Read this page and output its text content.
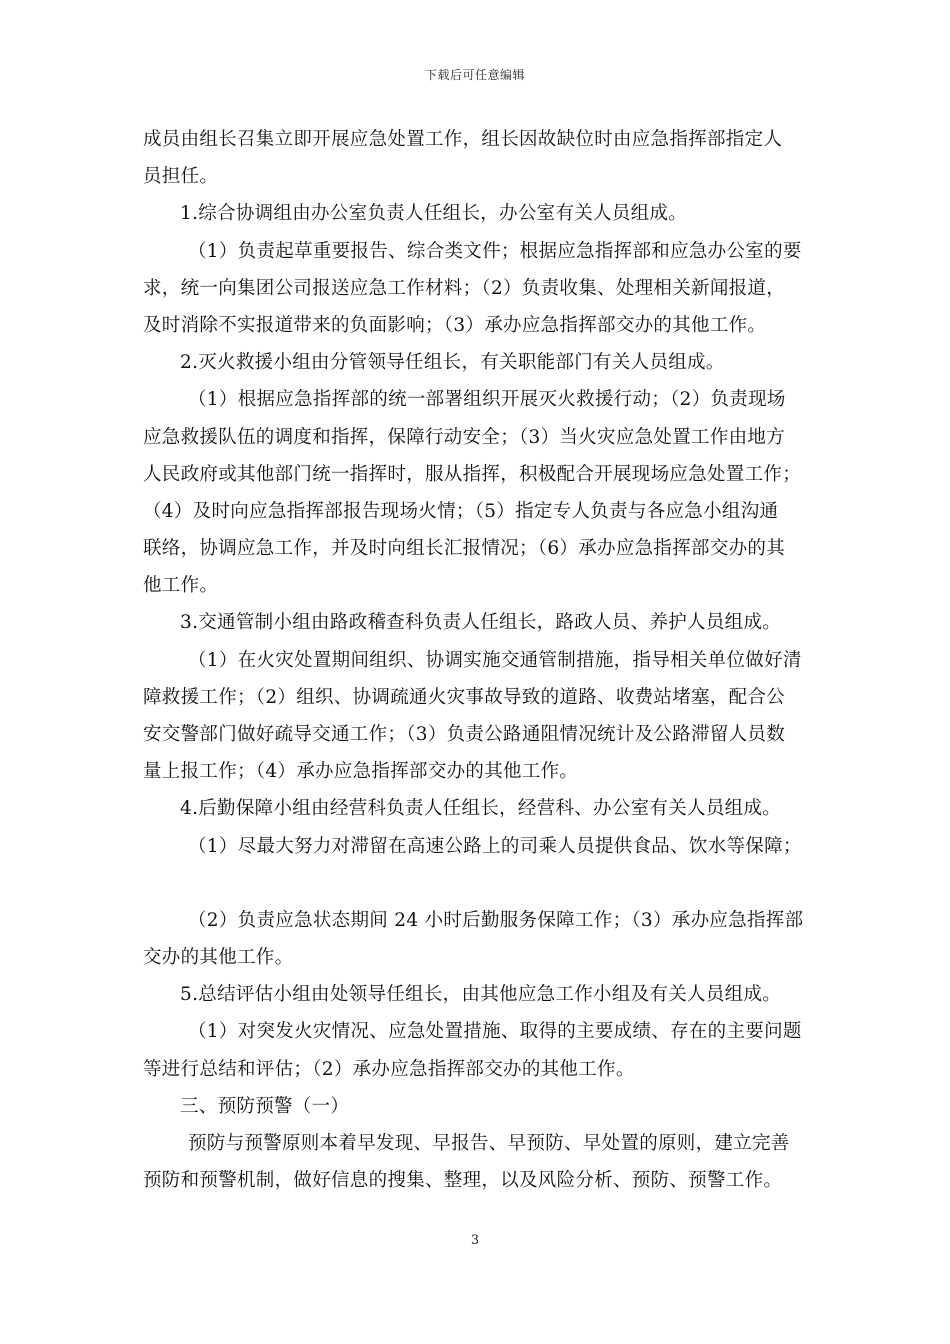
下载后可任意编辑
成员由组长召集立即开展应急处置工作，组长因故缺位时由应急指挥部指定人
员担任。
1.综合协调组由办公室负责人任组长，办公室有关人员组成。
（1）负责起草重要报告、综合类文件；根据应急指挥部和应急办公室的要
求，统一向集团公司报送应急工作材料；（2）负责收集、处理相关新闻报道，
及时消除不实报道带来的负面影响；（3）承办应急指挥部交办的其他工作。
2.灭火救援小组由分管领导任组长，有关职能部门有关人员组成。
（1）根据应急指挥部的统一部署组织开展灭火救援行动；（2）负责现场
应急救援队伍的调度和指挥，保障行动安全；（3）当火灾应急处置工作由地方
人民政府或其他部门统一指挥时，服从指挥，积极配合开展现场应急处置工作；
（4）及时向应急指挥部报告现场火情；（5）指定专人负责与各应急小组沟通
联络，协调应急工作，并及时向组长汇报情况；（6）承办应急指挥部交办的其
他工作。
3.交通管制小组由路政稽查科负责人任组长，路政人员、养护人员组成。
（1）在火灾处置期间组织、协调实施交通管制措施，指导相关单位做好清
障救援工作；（2）组织、协调疏通火灾事故导致的道路、收费站堵塞，配合公
安交警部门做好疏导交通工作；（3）负责公路通阻情况统计及公路滞留人员数
量上报工作；（4）承办应急指挥部交办的其他工作。
4.后勤保障小组由经营科负责人任组长，经营科、办公室有关人员组成。
（1）尽最大努力对滞留在高速公路上的司乘人员提供食品、饮水等保障；
（2）负责应急状态期间 24 小时后勤服务保障工作；（3）承办应急指挥部
交办的其他工作。
5.总结评估小组由处领导任组长，由其他应急工作小组及有关人员组成。
（1）对突发火灾情况、应急处置措施、取得的主要成绩、存在的主要问题
等进行总结和评估；（2）承办应急指挥部交办的其他工作。
三、预防预警（一）
预防与预警原则本着早发现、早报告、早预防、早处置的原则，建立完善
预防和预警机制，做好信息的搜集、整理，以及风险分析、预防、预警工作。
3
